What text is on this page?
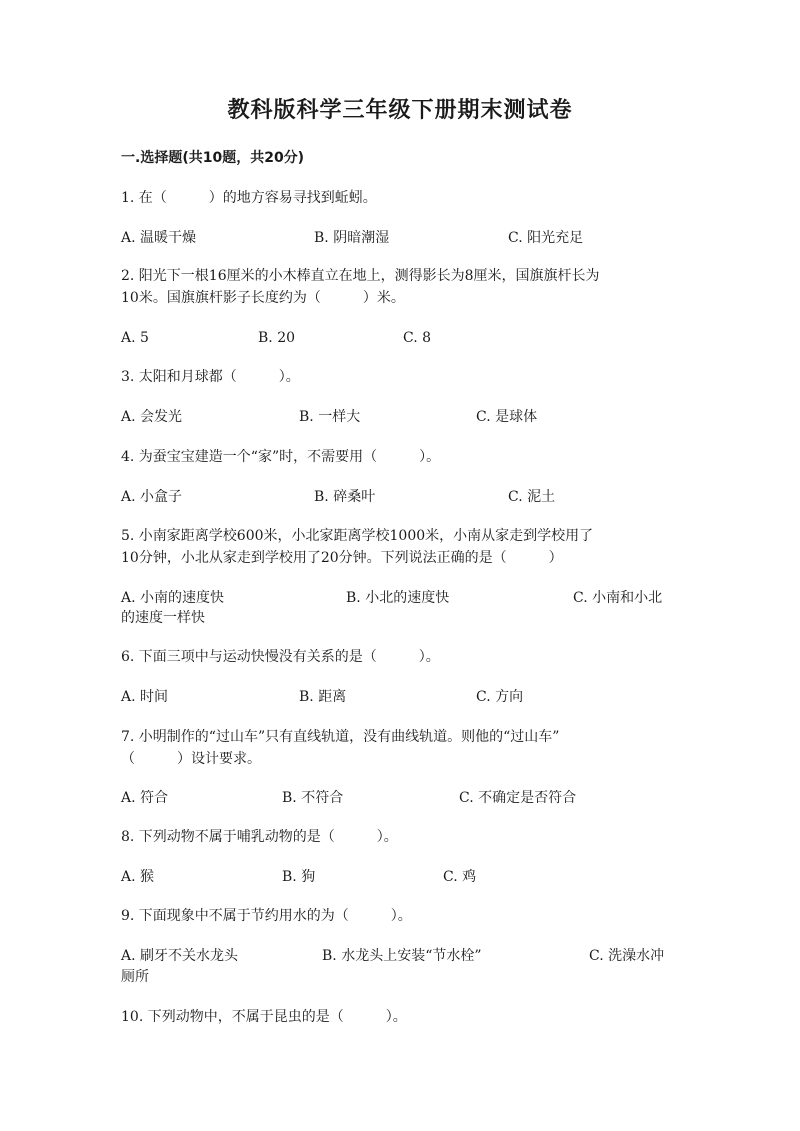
教科版科学三年级下册期末测试卷
一.选择题(共10题，共20分)
1. 在（　　　）的地方容易寻找到蚯蚓。
A. 温暖干燥	B. 阴暗潮湿	C. 阳光充足
2. 阳光下一根16厘米的小木棒直立在地上，测得影长为8厘米，国旗旗杆长为
10米。国旗旗杆影子长度约为（　　　）米。
A. 5	B. 20	C. 8
3. 太阳和月球都（　　　）。
A. 会发光	B. 一样大	C. 是球体
4. 为蚕宝宝建造一个“家”时，不需要用（　　　）。
A. 小盒子	B. 碎桑叶	C. 泥土
5. 小南家距离学校600米，小北家距离学校1000米，小南从家走到学校用了
10分钟，小北从家走到学校用了20分钟。下列说法正确的是（　　　）
A. 小南的速度快	B. 小北的速度快	C. 小南和小北
的速度一样快
6. 下面三项中与运动快慢没有关系的是（　　　）。
A. 时间	B. 距离	C. 方向
7. 小明制作的“过山车”只有直线轨道，没有曲线轨道。则他的“过山车”
（　　　）设计要求。
A. 符合	B. 不符合	C. 不确定是否符合
8. 下列动物不属于哺乳动物的是（　　　）。
A. 猴	B. 狗	C. 鸡
9. 下面现象中不属于节约用水的为（　　　）。
A. 刷牙不关水龙头	B. 水龙头上安装“节水栓”	C. 洗澡水冲
厕所
10. 下列动物中，不属于昆虫的是（　　　）。
